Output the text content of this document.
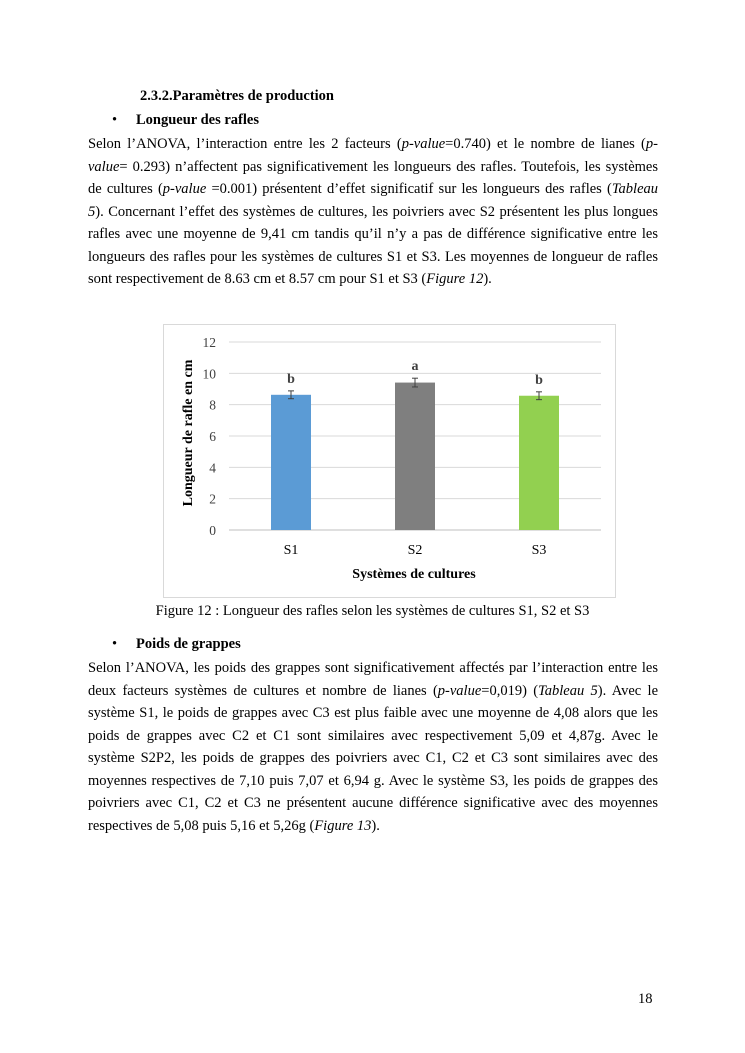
2.3.2.Paramètres de production
• Longueur des rafles

Selon l’ANOVA, l’interaction entre les 2 facteurs (p-value=0.740) et le nombre de lianes (p-value= 0.293) n’affectent pas significativement les longueurs des rafles. Toutefois, les systèmes de cultures (p-value =0.001) présentent d’effet significatif sur les longueurs des rafles (Tableau 5). Concernant l’effet des systèmes de cultures, les poivriers avec S2 présentent les plus longues rafles avec une moyenne de 9,41 cm tandis qu’il n’y a pas de différence significative entre les longueurs des rafles pour les systèmes de cultures S1 et S3. Les moyennes de longueur de rafles sont respectivement de 8.63 cm et 8.57 cm pour S1 et S3 (Figure 12).

0
2
4
6
8
10
12
b
a
b
S1	S2	S3
Systèmes de cultures
Longueur de rafle en cm
Figure 12 : Longueur des rafles selon les systèmes de cultures S1, S2 et S3
• Poids de grappes

Selon l’ANOVA, les poids des grappes sont significativement affectés par l’interaction entre les deux facteurs systèmes de cultures et nombre de lianes (p-value=0,019) (Tableau 5). Avec le système S1, le poids de grappes avec C3 est plus faible avec une moyenne de 4,08 alors que les poids de grappes avec C2 et C1 sont similaires avec respectivement 5,09 et 4,87g. Avec le système S2P2, les poids de grappes des poivriers avec C1, C2 et C3 sont similaires avec des moyennes respectives de 7,10 puis 7,07 et 6,94 g. Avec le système S3, les poids de grappes des poivriers avec C1, C2 et C3 ne présentent aucune différence significative avec des moyennes respectives de 5,08 puis 5,16 et 5,26g (Figure 13).

18
